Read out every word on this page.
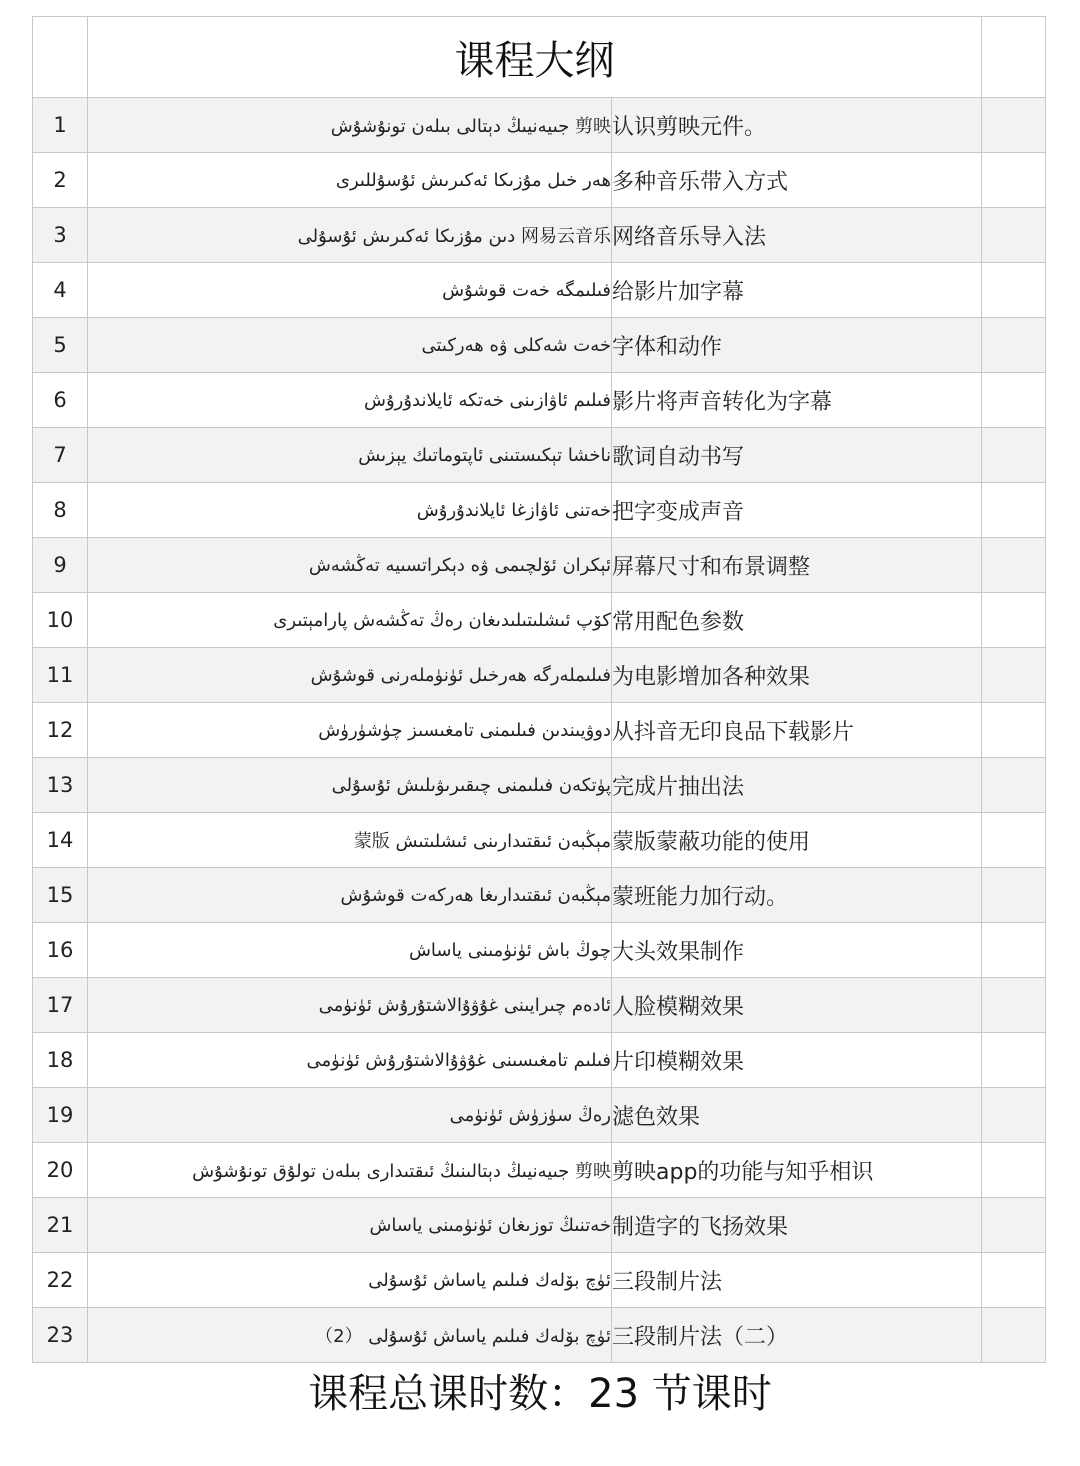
	课程大纲		
1	剪映 جىيەنيىڭ دېتالى بىلەن تونۇشۇش	认识剪映元件。	
2	ھەر خىل مۇزىكا ئەكىرىش ئۇسۇللىرى	多种音乐带入方式	
3	网易云音乐 دىن مۇزىكا ئەكىرىش ئۇسۇلى	网络音乐导入法	
4	فىلىمگە خەت قوشۇش	给影片加字幕	
5	خەت شەكلى ۋە ھەركىتى	字体和动作	
6	فىلىم ئاۋازىنى خەتكە ئايلاندۇرۇش	影片将声音转化为字幕	
7	ناخشا تېكىستىنى ئاپتوماتىك يېزىش	歌词自动书写	
8	خەتنى ئاۋازغا ئايلاندۇرۇش	把字变成声音	
9	ئېكران ئۆلچىمى ۋە دېكراتسىيە تەڭشەش	屏幕尺寸和布景调整	
10	كۆپ ئىشلىتىلىدىغان رەڭ تەڭشەش پارامېتىرى	常用配色参数	
11	فىلىملەرگە ھەرخىل ئۈنۈملەرنى قوشۇش	为电影增加各种效果	
12	دوۋيىندىن فىلىمنى تامغىسىز چۈشۈرۈش	从抖音无印良品下载影片	
13	پۈتكەن فىلىمنى چىقىرىۋىلىش ئۇسۇلى	完成片抽出法	
14	مېڭبەن ئىقتىدارىنى ئىشلىتىش 蒙版	蒙版蒙蔽功能的使用	
15	مېڭبەن ئىقتىدارىغا ھەركەت قوشۇش	蒙班能力加行动。	
16	چوڭ باش ئۈنۈمىنى ياساش	大头效果制作	
17	ئادەم چىرايىنى غۇۋۇالاشتۇرۇش ئۈنۈمى	人脸模糊效果	
18	فىلىم تامغىسىنى غۇۋۇالاشتۇرۇش ئۈنۈمى	片印模糊效果	
19	رەڭ سۈزۈش ئۈنۈمى	滤色效果	
20	剪映 جىيەنيىڭ دېتالىنىڭ ئىقتىدارى بىلەن تولۇق تونۇشۇش	剪映app的功能与知乎相识	
21	خەتنىڭ توزىغان ئۈنۈمىنى ياساش	制造字的飞扬效果	
22	ئۈچ بۆلەك فىلىم ياساش ئۇسۇلى	三段制片法	
23	ئۈچ بۆلەك فىلىم ياساش ئۇسۇلى （2）	三段制片法（二）	
课程总课时数：23 节课时
